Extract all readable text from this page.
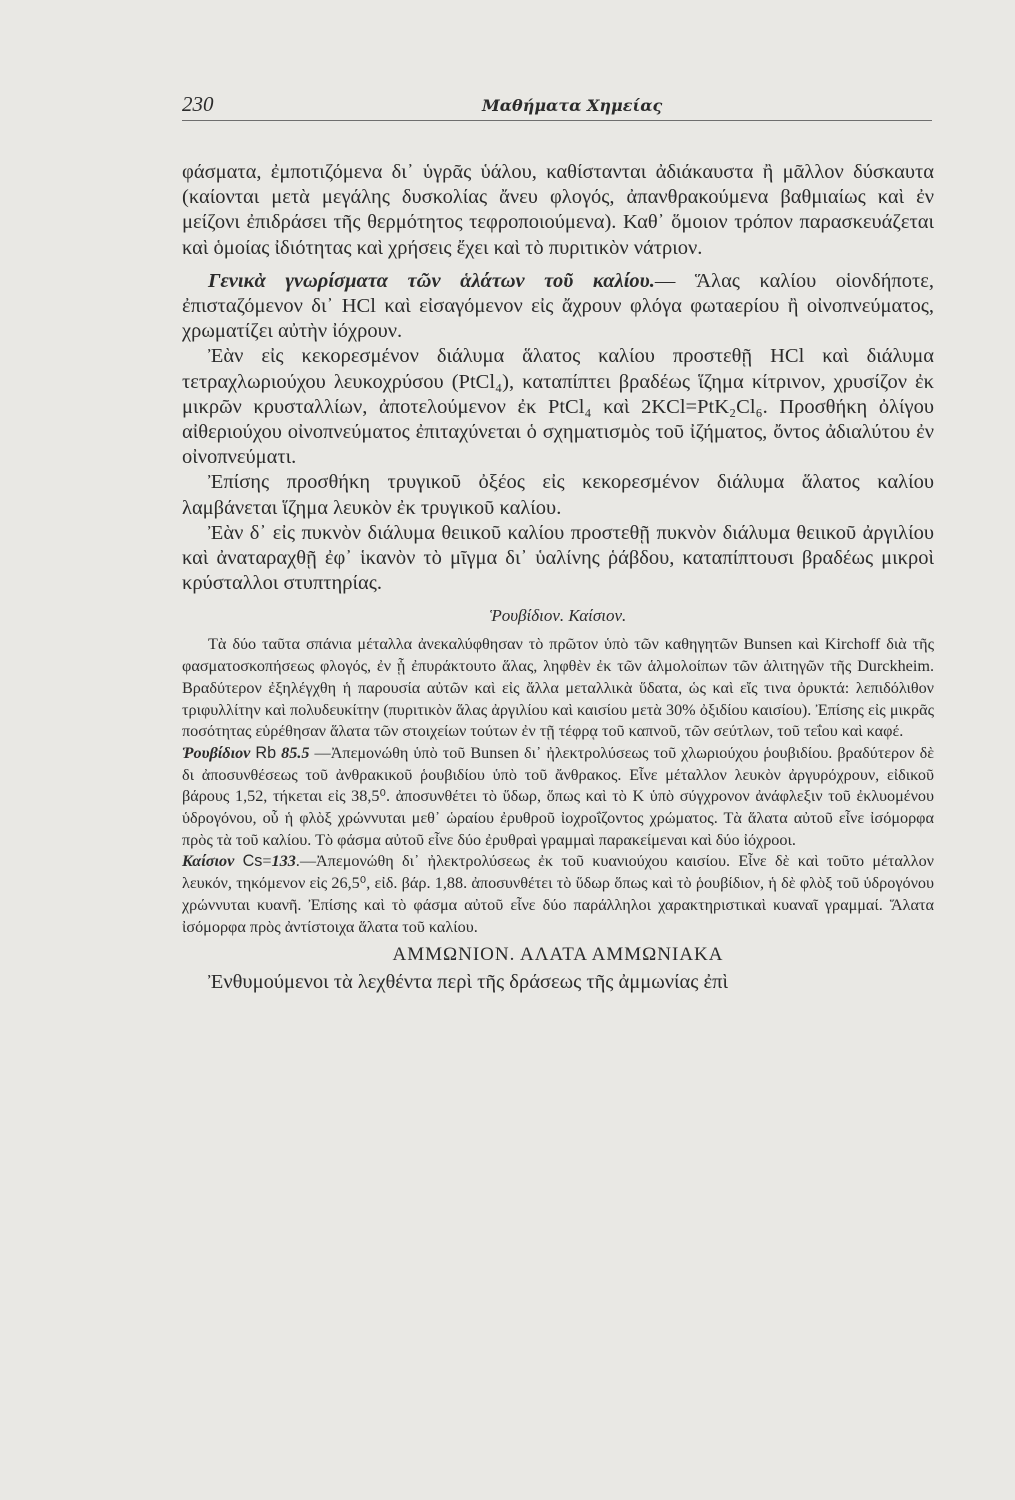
230	Μαθήματα Χημείας

φάσματα, ἐμποτιζόμενα δι᾽ ὑγρᾶς ὑάλου, καθίστανται ἀδιάκαυστα ἢ μᾶλλον δύσκαυτα (καίονται μετὰ μεγάλης δυσκολίας ἄνευ φλογός, ἀπανθρακούμενα βαθμιαίως καὶ ἐν μείζονι ἐπιδράσει τῆς θερμότητος τεφροποιούμενα). Καθ᾽ ὅμοιον τρόπον παρασκευάζεται καὶ ὁμοίας ἰδιότητας καὶ χρήσεις ἔχει καὶ τὸ πυριτικὸν νάτριον.

Γενικὰ γνωρίσματα τῶν ἁλάτων τοῦ καλίου.— Ἅλας καλίου οἱονδήποτε, ἐπισταζόμενον δι᾽ HCl καὶ εἰσαγόμενον εἰς ἄχρουν φλόγα φωταερίου ἢ οἰνοπνεύματος, χρωματίζει αὐτὴν ἰόχρουν.

Ἐὰν εἰς κεκορεσμένον διάλυμα ἅλατος καλίου προστεθῇ HCl καὶ διάλυμα τετραχλωριούχου λευκοχρύσου (PtCl₄), καταπίπτει βραδέως ἵζημα κίτρινον, χρυσίζον ἐκ μικρῶν κρυσταλλίων, ἀποτελούμενον ἐκ PtCl₄ καὶ 2KCl=PtK₂Cl₆. Προσθήκη ὀλίγου αἰθεριούχου οἰνοπνεύματος ἐπιταχύνεται ὁ σχηματισμὸς τοῦ ἰζήματος, ὄντος ἀδιαλύτου ἐν οἰνοπνεύματι.

Ἐπίσης προσθήκη τρυγικοῦ ὀξέος εἰς κεκορεσμένον διάλυμα ἅλατος καλίου λαμβάνεται ἵζημα λευκὸν ἐκ τρυγικοῦ καλίου.

Ἐὰν δ᾽ εἰς πυκνὸν διάλυμα θειικοῦ καλίου προστεθῇ πυκνὸν διάλυμα θειικοῦ ἀργιλίου καὶ ἀναταραχθῇ ἐφ᾽ ἱκανὸν τὸ μῖγμα δι᾽ ὑαλίνης ῥάβδου, καταπίπτουσι βραδέως μικροὶ κρύσταλλοι στυπτηρίας.

Ῥουβίδιον. Καίσιον.

Τὰ δύο ταῦτα σπάνια μέταλλα ἀνεκαλύφθησαν τὸ πρῶτον ὑπὸ τῶν καθηγητῶν Bunsen καὶ Kirchoff διὰ τῆς φασματοσκοπήσεως φλογός, ἐν ᾗ ἐπυράκτουτο ἅλας, ληφθὲν ἐκ τῶν ἁλμολοίπων τῶν ἁλιτηγῶν τῆς Durckheim. Βραδύτερον ἐξηλέγχθη ἡ παρουσία αὐτῶν καὶ εἰς ἄλλα μεταλλικὰ ὕδατα, ὡς καὶ εἴς τινα ὀρυκτά: λεπιδόλιθον τριφυλλίτην καὶ πολυδευκίτην (πυριτικὸν ἅλας ἀργιλίου καὶ καισίου μετὰ 30% ὀξιδίου καισίου). Ἐπίσης εἰς μικρᾶς ποσότητας εὑρέθησαν ἅλατα τῶν στοιχείων τούτων ἐν τῇ τέφρᾳ τοῦ καπνοῦ, τῶν σεύτλων, τοῦ τεΐου καὶ καφέ.

Ῥουβίδιον Rb 85.5 —Ἀπεμονώθη ὑπὸ τοῦ Bunsen δι᾽ ἠλεκτρολύσεως τοῦ χλωριούχου ῥουβιδίου. βραδύτερον δὲ δι ἀποσυνθέσεως τοῦ ἀνθρακικοῦ ῥουβιδίου ὑπὸ τοῦ ἄνθρακος. Εἶνε μέταλλον λευκὸν ἀργυρόχρουν, εἰδικοῦ βάρους 1,52, τήκεται εἰς 38,5⁰. ἀποσυνθέτει τὸ ὕδωρ, ὅπως καὶ τὸ Κ ὑπὸ σύγχρονον ἀνάφλεξιν τοῦ ἐκλυομένου ὑδρογόνου, οὗ ἡ φλὸξ χρώννυται μεθ᾽ ὡραίου ἐρυθροῦ ἰοχροΐζοντος χρώματος. Τὰ ἅλατα αὐτοῦ εἶνε ἰσόμορφα πρὸς τὰ τοῦ καλίου. Τὸ φάσμα αὐτοῦ εἶνε δύο ἐρυθραὶ γραμμαὶ παρακείμεναι καὶ δύο ἰόχροοι.

Καίσιον Cs=133.—Ἀπεμονώθη δι᾽ ἠλεκτρολύσεως ἐκ τοῦ κυανιούχου καισίου. Εἶνε δὲ καὶ τοῦτο μέταλλον λευκόν, τηκόμενον εἰς 26,5⁰, εἰδ. βάρ. 1,88. ἀποσυνθέτει τὸ ὕδωρ ὅπως καὶ τὸ ῥουβίδιον, ἡ δὲ φλὸξ τοῦ ὑδρογόνου χρώννυται κυανῆ. Ἐπίσης καὶ τὸ φάσμα αὐτοῦ εἶνε δύο παράλληλοι χαρακτηριστικαὶ κυαναῖ γραμμαί. Ἅλατα ἰσόμορφα πρὸς ἀντίστοιχα ἅλατα τοῦ καλίου.

ΑΜΜΩΝΙΟΝ. ΑΛΑΤΑ ΑΜΜΩΝΙΑΚΑ

Ἐνθυμούμενοι τὰ λεχθέντα περὶ τῆς δράσεως τῆς ἀμμωνίας ἐπὶ
